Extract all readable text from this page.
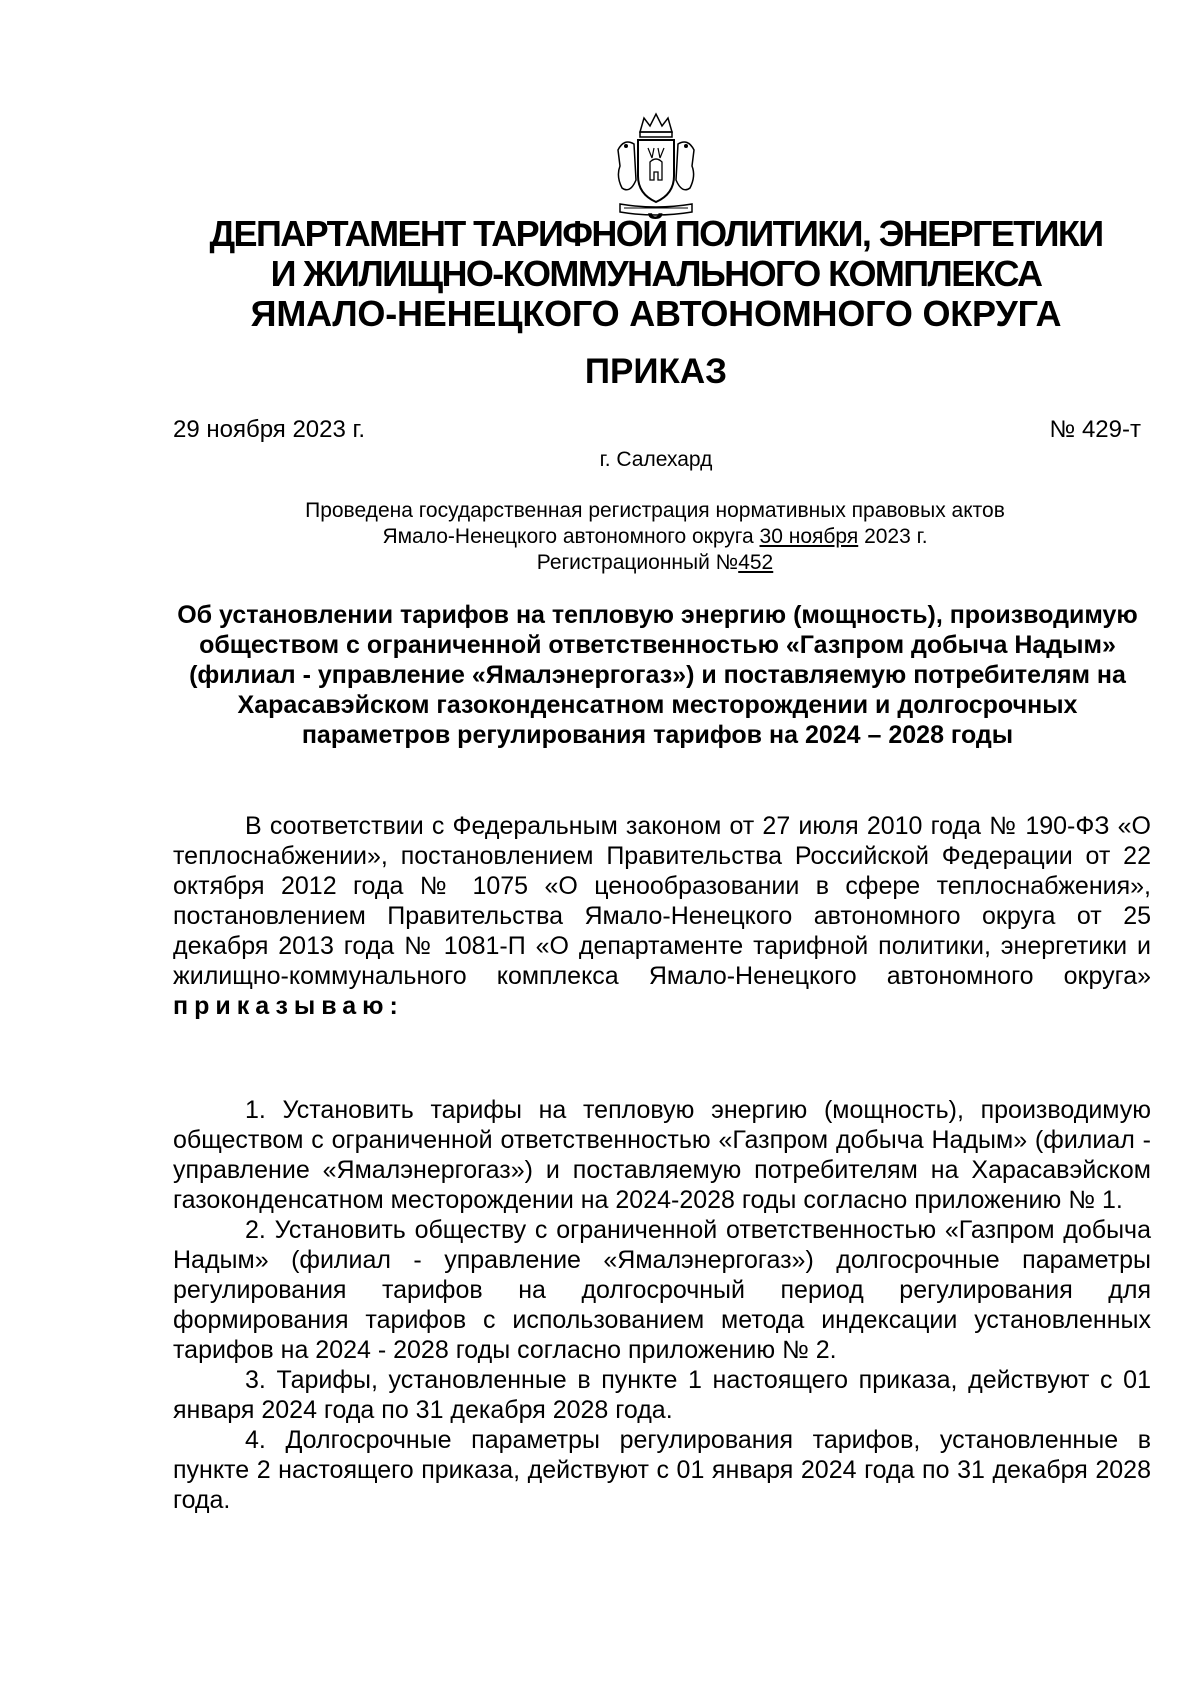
ДЕПАРТАМЕНТ ТАРИФНОЙ ПОЛИТИКИ, ЭНЕРГЕТИКИ
И ЖИЛИЩНО-КОММУНАЛЬНОГО КОМПЛЕКСА
ЯМАЛО-НЕНЕЦКОГО АВТОНОМНОГО ОКРУГА
ПРИКАЗ
29 ноября 2023 г.	№ 429-т
г. Салехард
Проведена государственная регистрация нормативных правовых актов
Ямало-Ненецкого автономного округа 30 ноября 2023 г.
Регистрационный №452
Об установлении тарифов на тепловую энергию (мощность), производимую обществом с ограниченной ответственностью «Газпром добыча Надым» (филиал - управление «Ямалэнергогаз») и поставляемую потребителям на Харасавэйском газоконденсатном месторождении и долгосрочных параметров регулирования тарифов на 2024 – 2028 годы
В соответствии с Федеральным законом от 27 июля 2010 года № 190-ФЗ «О теплоснабжении», постановлением Правительства Российской Федерации от 22 октября 2012 года № 1075 «О ценообразовании в сфере теплоснабжения», постановлением Правительства Ямало-Ненецкого автономного округа от 25 декабря 2013 года № 1081-П «О департаменте тарифной политики, энергетики и жилищно-коммунального комплекса Ямало-Ненецкого автономного округа» приказываю:

1. Установить тарифы на тепловую энергию (мощность), производимую обществом с ограниченной ответственностью «Газпром добыча Надым» (филиал - управление «Ямалэнергогаз») и поставляемую потребителям на Харасавэйском газоконденсатном месторождении на 2024-2028 годы согласно приложению № 1.

2. Установить обществу с ограниченной ответственностью «Газпром добыча Надым» (филиал - управление «Ямалэнергогаз») долгосрочные параметры регулирования тарифов на долгосрочный период регулирования для формирования тарифов с использованием метода индексации установленных тарифов на 2024 - 2028 годы согласно приложению № 2.

3. Тарифы, установленные в пункте 1 настоящего приказа, действуют с 01 января 2024 года по 31 декабря 2028 года.

4. Долгосрочные параметры регулирования тарифов, установленные в пункте 2 настоящего приказа, действуют с 01 января 2024 года по 31 декабря 2028 года.
